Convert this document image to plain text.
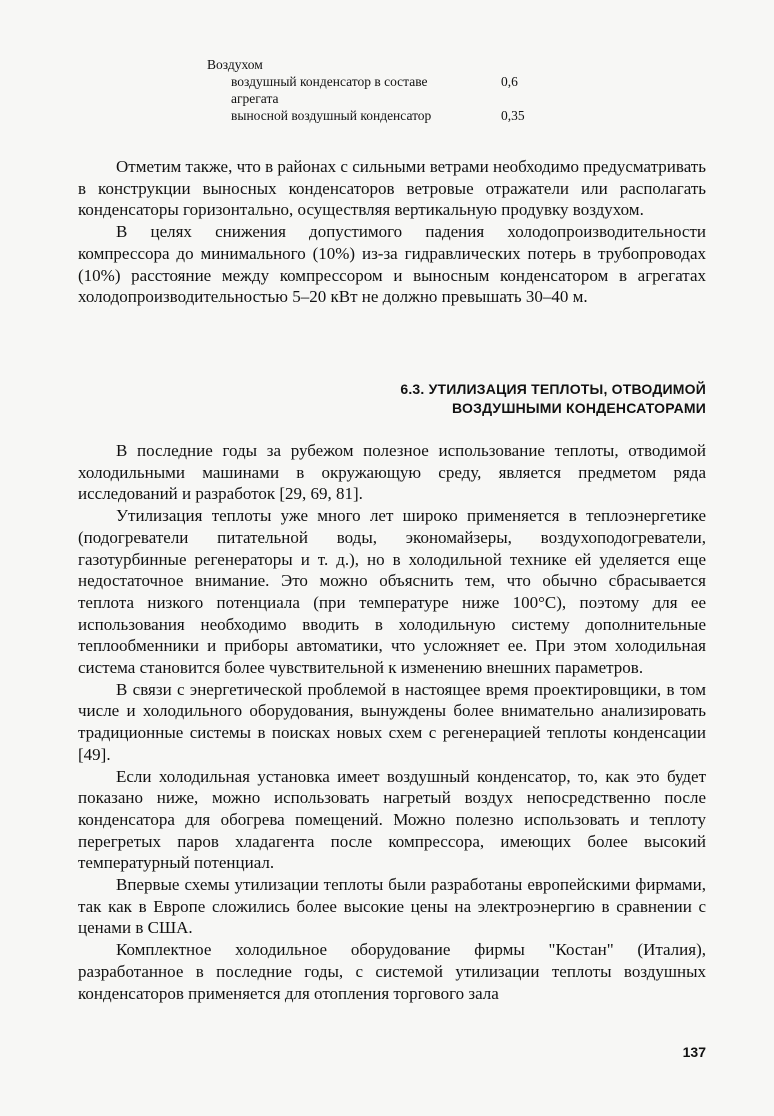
Воздухом
воздушный конденсатор в составе агрегата
0,6
выносной воздушный конденсатор	0,35

Отметим также, что в районах с сильными ветрами необходимо предусматривать в конструкции выносных конденсаторов ветровые отражатели или располагать конденсаторы горизонтально, осуществляя вертикальную продувку воздухом.

В целях снижения допустимого падения холодопроизводительности компрессора до минимального (10%) из-за гидравлических потерь в трубопроводах (10%) расстояние между компрессором и выносным конденсатором в агрегатах холодопроизводительностью 5–20 кВт не должно превышать 30–40 м.

6.3. УТИЛИЗАЦИЯ ТЕПЛОТЫ, ОТВОДИМОЙ
ВОЗДУШНЫМИ КОНДЕНСАТОРАМИ

В последние годы за рубежом полезное использование теплоты, отводимой холодильными машинами в окружающую среду, является предметом ряда исследований и разработок [29, 69, 81].

Утилизация теплоты уже много лет широко применяется в теплоэнергетике (подогреватели питательной воды, экономайзеры, воздухоподогреватели, газотурбинные регенераторы и т. д.), но в холодильной технике ей уделяется еще недостаточное внимание. Это можно объяснить тем, что обычно сбрасывается теплота низкого потенциала (при температуре ниже 100°С), поэтому для ее использования необходимо вводить в холодильную систему дополнительные теплообменники и приборы автоматики, что усложняет ее. При этом холодильная система становится более чувствительной к изменению внешних параметров.

В связи с энергетической проблемой в настоящее время проектировщики, в том числе и холодильного оборудования, вынуждены более внимательно анализировать традиционные системы в поисках новых схем с регенерацией теплоты конденсации [49].

Если холодильная установка имеет воздушный конденсатор, то, как это будет показано ниже, можно использовать нагретый воздух непосредственно после конденсатора для обогрева помещений. Можно полезно использовать и теплоту перегретых паров хладагента после компрессора, имеющих более высокий температурный потенциал.

Впервые схемы утилизации теплоты были разработаны европейскими фирмами, так как в Европе сложились более высокие цены на электроэнергию в сравнении с ценами в США.

Комплектное холодильное оборудование фирмы "Костан" (Италия), разработанное в последние годы, с системой утилизации теплоты воздушных конденсаторов применяется для отопления торгового зала

137
